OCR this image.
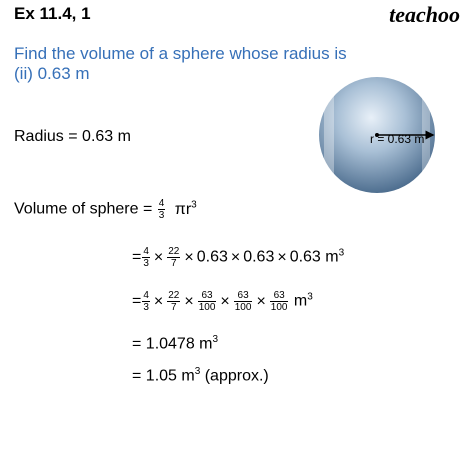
Ex 11.4, 1	teachoo
Find the volume of a sphere whose radius is
(ii) 0.63 m
r = 0.63 m
Radius = 0.63 m
Volume of sphere = $\frac{4}{3} \pi r^3$
= $\frac{4}{3} \times \frac{22}{7} \times 0.63 \times 0.63 \times 0.63$ $m^3$
= $\frac{4}{3} \times \frac{22}{7} \times \frac{63}{100} \times \frac{63}{100} \times \frac{63}{100} m^3$
= 1.0478 $m^3$
= 1.05 $m^3$ (approx.)
